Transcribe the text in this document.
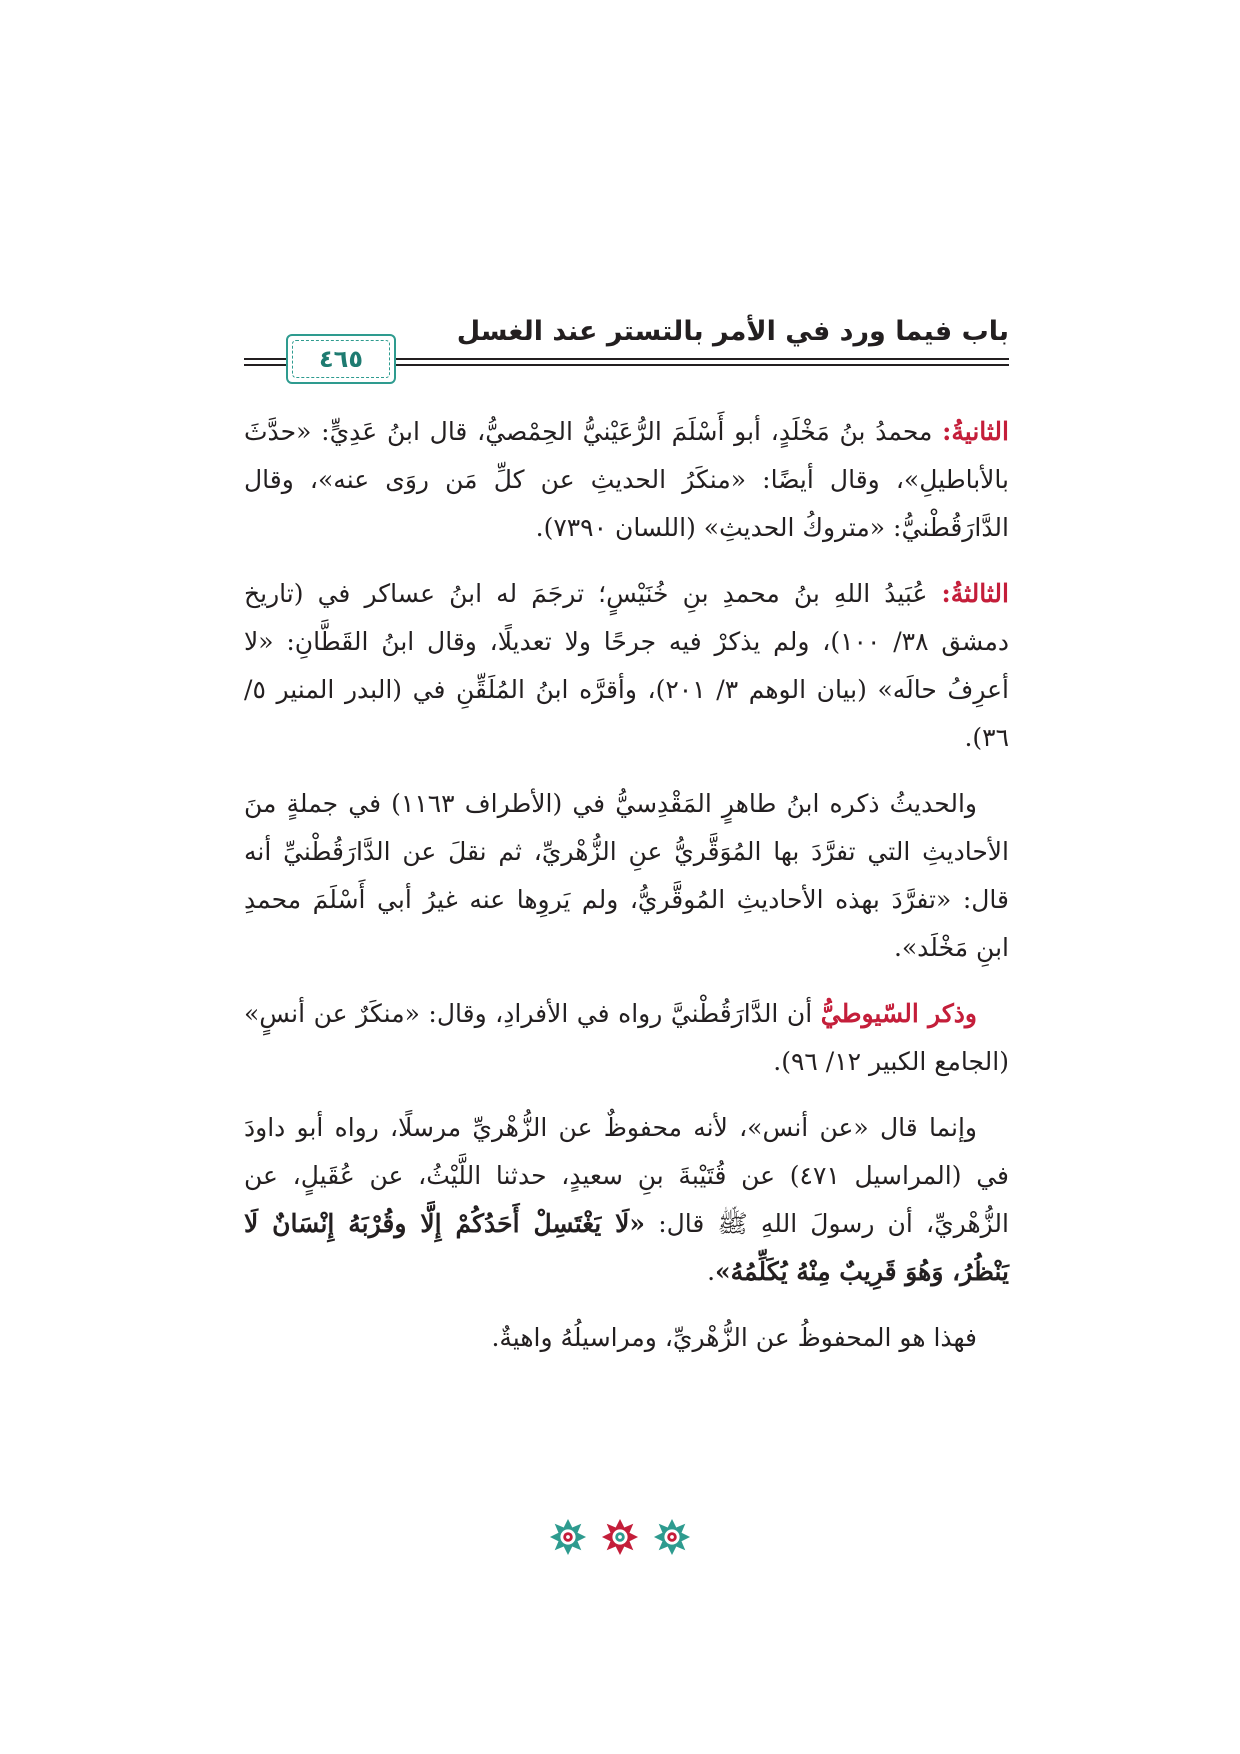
باب فيما ورد في الأمر بالتستر عند الغسل
٤٦٥

الثانيةُ: محمدُ بنُ مَخْلَدٍ، أبو أَسْلَمَ الرُّعَيْنيُّ الحِمْصيُّ، قال ابنُ عَدِيٍّ: «حدَّثَ بالأباطيلِ»، وقال أيضًا: «منكَرُ الحديثِ عن كلِّ مَن روَى عنه»، وقال الدَّارَقُطْنيُّ: «متروكُ الحديثِ» (اللسان ٧٣٩٠).

الثالثةُ: عُبَيدُ اللهِ بنُ محمدِ بنِ خُنَيْسٍ؛ ترجَمَ له ابنُ عساكر في (تاريخ دمشق ٣٨/ ١٠٠)، ولم يذكرْ فيه جرحًا ولا تعديلًا، وقال ابنُ القَطَّانِ: «لا أعرِفُ حالَه» (بيان الوهم ٣/ ٢٠١)، وأقرَّه ابنُ المُلَقِّنِ في (البدر المنير ٥/ ٣٦).

والحديثُ ذكره ابنُ طاهرٍ المَقْدِسيُّ في (الأطراف ١١٦٣) في جملةٍ منَ الأحاديثِ التي تفرَّدَ بها المُوَقَّريُّ عنِ الزُّهْريِّ، ثم نقلَ عن الدَّارَقُطْنيِّ أنه قال: «تفرَّدَ بهذه الأحاديثِ المُوقَّريُّ، ولم يَروِها عنه غيرُ أبي أَسْلَمَ محمدِ ابنِ مَخْلَد».

وذكر السّيوطيُّ أن الدَّارَقُطْنيَّ رواه في الأفرادِ، وقال: «منكَرٌ عن أنسٍ» (الجامع الكبير ١٢/ ٩٦).

وإنما قال «عن أنس»، لأنه محفوظٌ عن الزُّهْريِّ مرسلًا، رواه أبو داودَ في (المراسيل ٤٧١) عن قُتَيْبةَ بنِ سعيدٍ، حدثنا اللَّيْثُ، عن عُقَيلٍ، عن الزُّهْريِّ، أن رسولَ اللهِ ﷺ قال: «لَا يَغْتَسِلْ أَحَدُكُمْ إِلَّا وقُرْبَهُ إِنْسَانٌ لَا يَنْظُرُ، وَهُوَ قَرِيبٌ مِنْهُ يُكَلِّمُهُ».

فهذا هو المحفوظُ عن الزُّهْريِّ، ومراسيلُهُ واهيةٌ.
